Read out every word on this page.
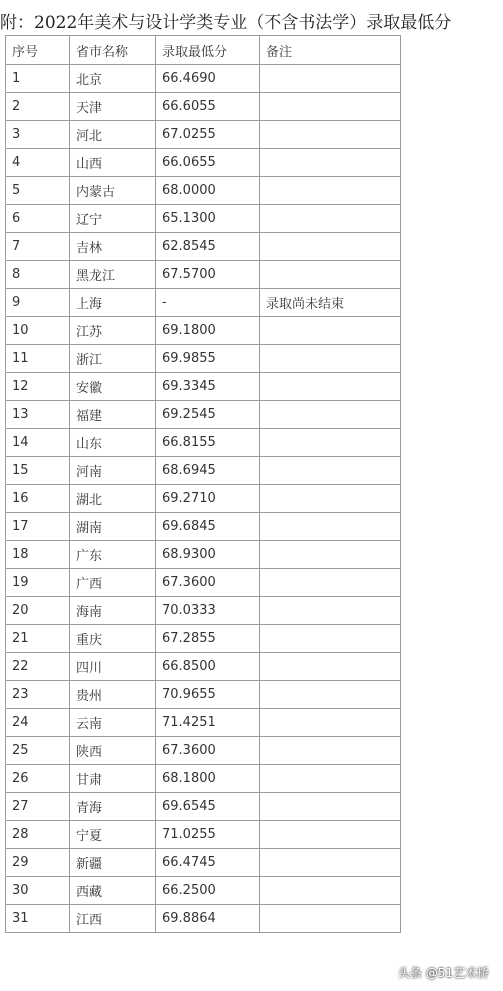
附：2022年美术与设计学类专业（不含书法学）录取最低分
序号	省市名称	录取最低分	备注
1	北京	66.4690	
2	天津	66.6055	
3	河北	67.0255	
4	山西	66.0655	
5	内蒙古	68.0000	
6	辽宁	65.1300	
7	吉林	62.8545	
8	黑龙江	67.5700	
9	上海	-	录取尚未结束
10	江苏	69.1800	
11	浙江	69.9855	
12	安徽	69.3345	
13	福建	69.2545	
14	山东	66.8155	
15	河南	68.6945	
16	湖北	69.2710	
17	湖南	69.6845	
18	广东	68.9300	
19	广西	67.3600	
20	海南	70.0333	
21	重庆	67.2855	
22	四川	66.8500	
23	贵州	70.9655	
24	云南	71.4251	
25	陕西	67.3600	
26	甘肃	68.1800	
27	青海	69.6545	
28	宁夏	71.0255	
29	新疆	66.4745	
30	西藏	66.2500	
31	江西	69.8864	
头条 @51艺术桥
